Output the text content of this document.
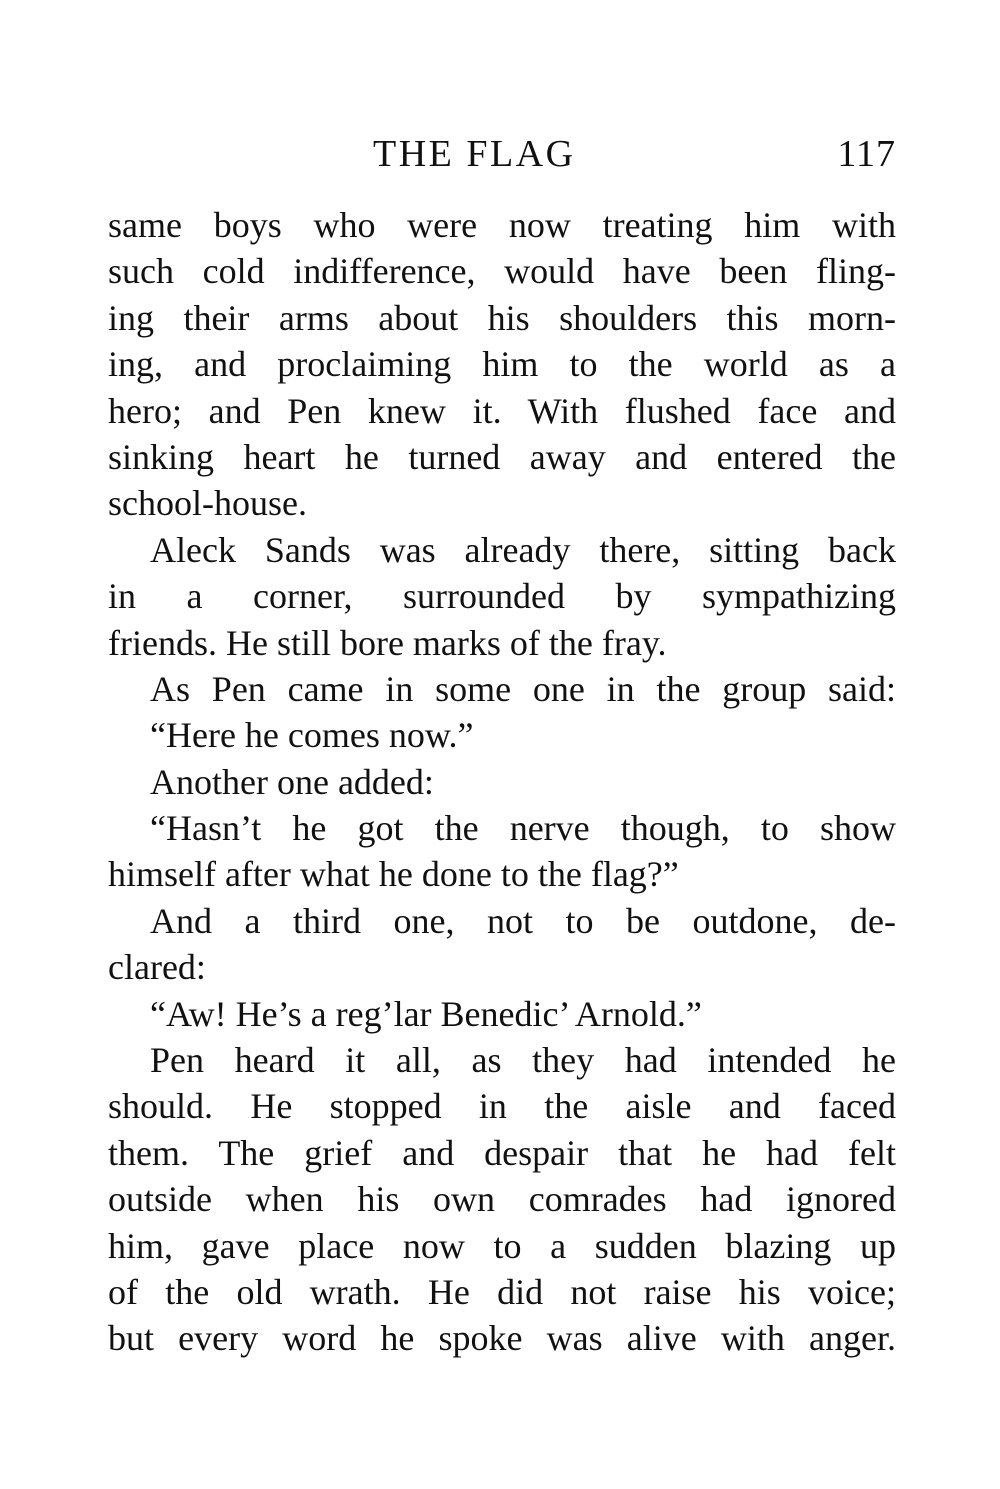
THE FLAG	117
same boys who were now treating him with
such cold indifference, would have been fling-
ing their arms about his shoulders this morn-
ing, and proclaiming him to the world as a
hero; and Pen knew it. With flushed face and
sinking heart he turned away and entered the
school-house.
Aleck Sands was already there, sitting back
in a corner, surrounded by sympathizing
friends. He still bore marks of the fray.
As Pen came in some one in the group said:
“Here he comes now.”
Another one added:
“Hasn’t he got the nerve though, to show
himself after what he done to the flag?”
And a third one, not to be outdone, de-
clared:
“Aw! He’s a reg’lar Benedic’ Arnold.”
Pen heard it all, as they had intended he
should. He stopped in the aisle and faced
them. The grief and despair that he had felt
outside when his own comrades had ignored
him, gave place now to a sudden blazing up
of the old wrath. He did not raise his voice;
but every word he spoke was alive with anger.
